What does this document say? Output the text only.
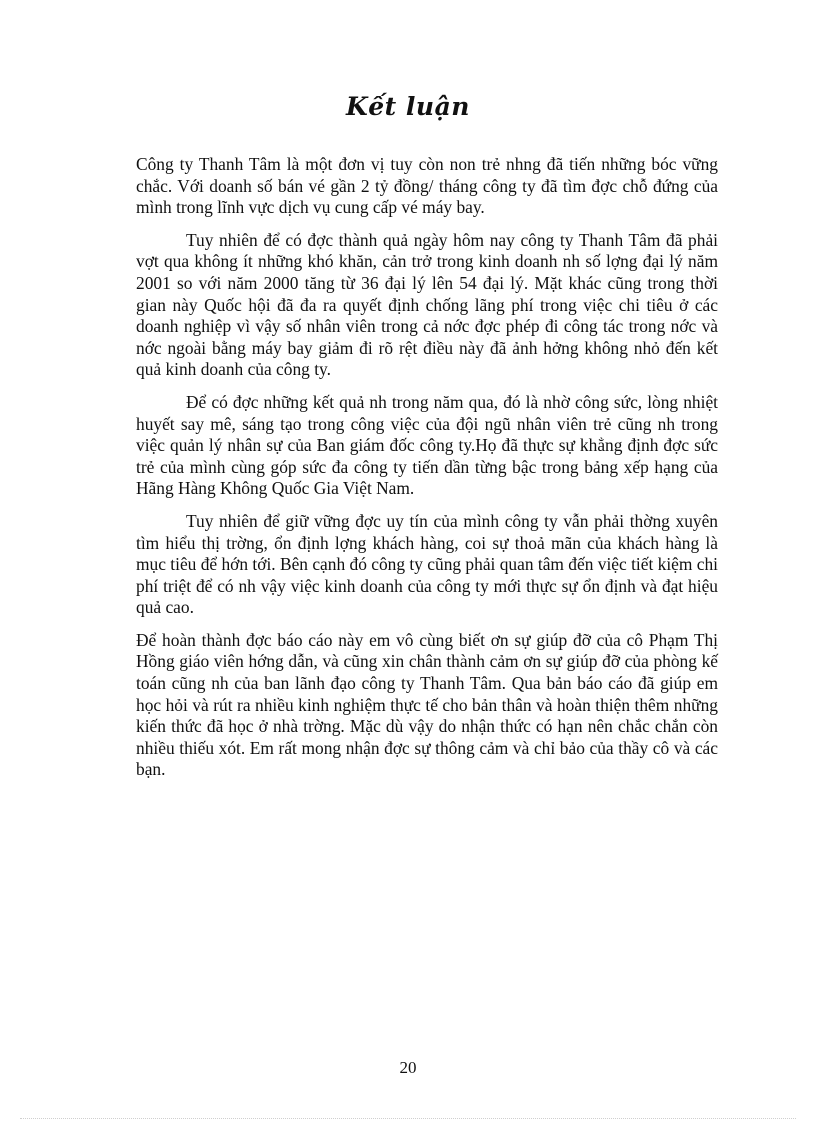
Kết luận

Công ty Thanh Tâm là một đơn vị tuy còn non trẻ nhng đã tiến những bóc vững chắc. Với doanh số bán vé gần 2 tỷ đồng/ tháng công ty đã tìm đợc chỗ đứng của mình trong lĩnh vực dịch vụ cung cấp vé máy bay.

Tuy nhiên để có đợc thành quả ngày hôm nay công ty Thanh Tâm đã phải vợt qua không ít những khó khăn, cản trở trong kinh doanh nh số lợng đại lý năm 2001 so với năm 2000 tăng từ 36 đại lý lên 54 đại lý. Mặt khác cũng trong thời gian này Quốc hội đã đa ra quyết định chống lãng phí trong việc chi tiêu ở các doanh nghiệp vì vậy số nhân viên trong cả nớc đợc phép đi công tác trong nớc và nớc ngoài bằng máy bay giảm đi rõ rệt điều này đã ảnh hởng không nhỏ đến kết quả kinh doanh của công ty.

Để có đợc những kết quả nh trong năm qua, đó là nhờ công sức, lòng nhiệt huyết say mê, sáng tạo trong công việc của đội ngũ nhân viên trẻ cũng nh trong việc quản lý nhân sự của Ban giám đốc công ty.Họ đã thực sự khẳng định đợc sức trẻ của mình cùng góp sức đa công ty tiến dần từng bậc trong bảng xếp hạng của Hãng Hàng Không Quốc Gia Việt Nam.

Tuy nhiên để giữ vững đợc uy tín của mình công ty vẫn phải thờng xuyên tìm hiểu thị trờng, ổn định lợng khách hàng, coi sự thoả mãn của khách hàng là mục tiêu để hớn tới. Bên cạnh đó công ty cũng phải quan tâm đến việc tiết kiệm chi phí triệt để có nh vậy việc kinh doanh của công ty mới thực sự ổn định và đạt hiệu quả cao.

Để hoàn thành đợc báo cáo này em vô cùng biết ơn sự giúp đỡ của cô Phạm Thị Hồng giáo viên hớng dẫn, và cũng xin chân thành cảm ơn sự giúp đỡ của phòng kế toán cũng nh của ban lãnh đạo công ty Thanh Tâm. Qua bản báo cáo đã giúp em học hỏi và rút ra nhiều kinh nghiệm thực tế cho bản thân và hoàn thiện thêm những kiến thức đã học ở nhà trờng. Mặc dù vậy do nhận thức có hạn nên chắc chắn còn nhiều thiếu xót. Em rất mong nhận đợc sự thông cảm và chỉ bảo của thầy cô và các bạn.

20
